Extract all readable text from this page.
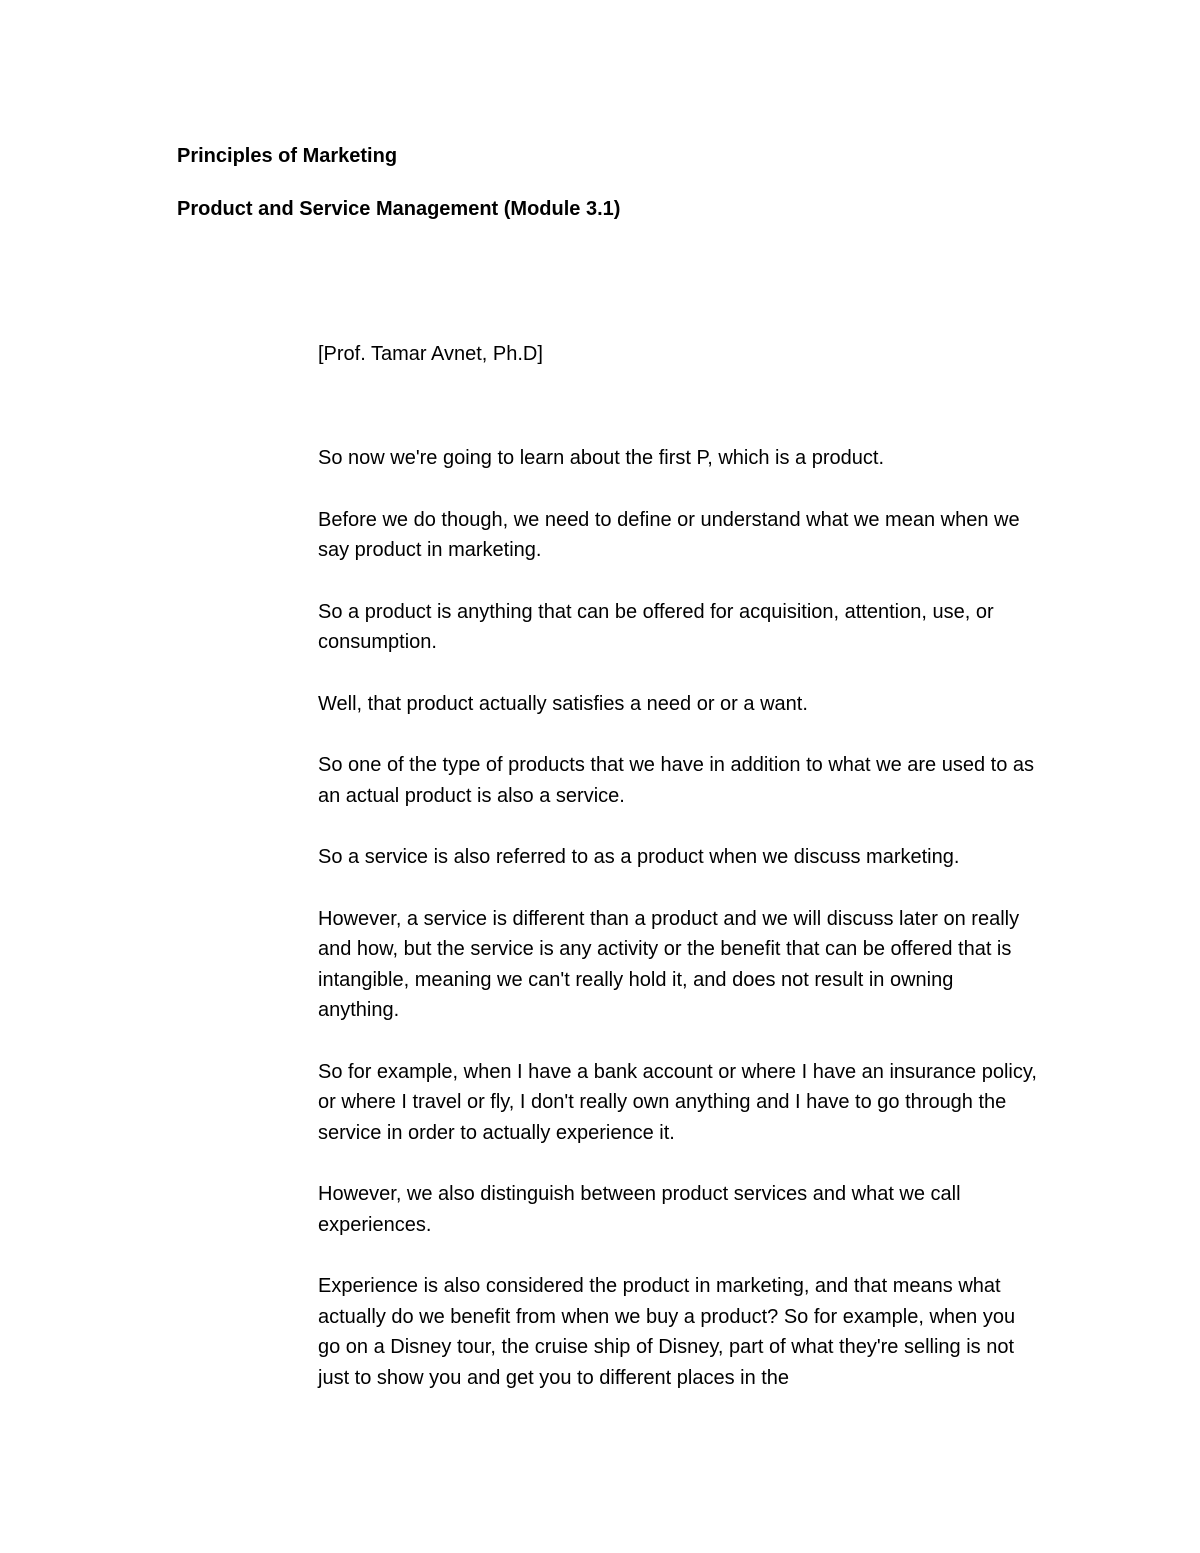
Principles of Marketing
Product and Service Management (Module 3.1)

[Prof. Tamar Avnet, Ph.D]

So now we're going to learn about the first P, which is a product.

Before we do though, we need to define or understand what we mean when we say product in marketing.

So a product is anything that can be offered for acquisition, attention, use, or consumption.

Well, that product actually satisfies a need or or a want.

So one of the type of products that we have in addition to what we are used to as an actual product is also a service.

So a service is also referred to as a product when we discuss marketing.

However, a service is different than a product and we will discuss later on really and how, but the service is any activity or the benefit that can be offered that is intangible, meaning we can't really hold it, and does not result in owning anything.

So for example, when I have a bank account or where I have an insurance policy, or where I travel or fly, I don't really own anything and I have to go through the service in order to actually experience it.

However, we also distinguish between product services and what we call experiences.

Experience is also considered the product in marketing, and that means what actually do we benefit from when we buy a product? So for example, when you go on a Disney tour, the cruise ship of Disney, part of what they're selling is not just to show you and get you to different places in the
